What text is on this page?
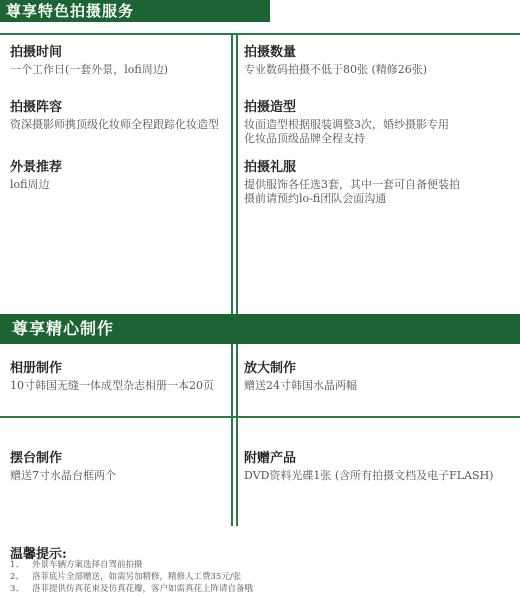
尊享特色拍摄服务
拍摄时间
一个工作日(一套外景，lofi周边)
拍摄数量
专业数码拍摄不低于80张 (精修26张)
拍摄阵容
资深摄影师携顶级化妆师全程跟踪化妆造型
拍摄造型
妆面造型根据服装调整3次，婚纱摄影专用化妆品顶级品牌全程支持
外景推荐
lofi周边
拍摄礼服
提供服饰各任选3套，其中一套可自备便装拍摄前请预约lo-fi团队会面沟通
尊享精心制作
相册制作
10寸韩国无缝一体成型杂志相册一本20页
放大制作
赠送24寸韩国水晶两幅
摆台制作
赠送7寸水晶台框两个
附赠产品
DVD资料光碟1张 (含所有拍摄文档及电子FLASH)
温馨提示:
1、 外景车辆方案选择自驾前拍摄
2、 洛菲底片全部赠送，如需另加精修，精修人工费35元/张
3、 洛菲提供仿真花束及仿真花瓣，客户如需真花上阵请自备哦
